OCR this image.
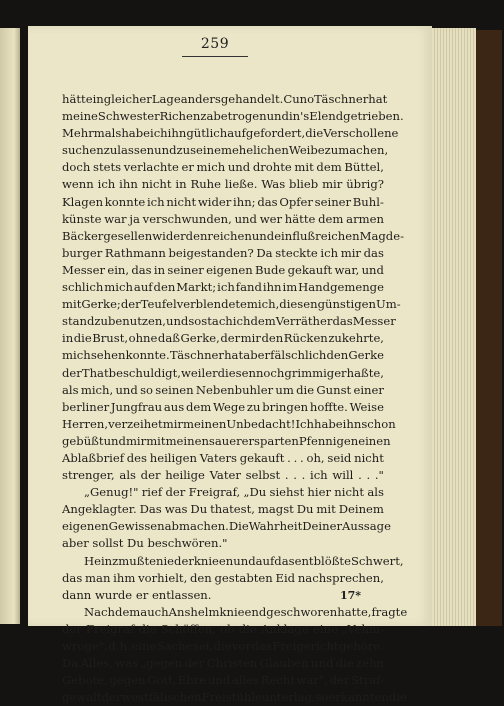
259
hätte in gleicher Lage anders gehandelt. Cuno Täschner hat
meine Schwester Richenza betrogen und in's Elend getrieben.
Mehrmals habe ich ihn gütlich aufgefordert, die Verschollene
suchen zu lassen und zu seinem ehelichen Weibe zu machen,
doch stets verlachte er mich und drohte mit dem Büttel,
wenn ich ihn nicht in Ruhe ließe. Was blieb mir übrig?
Klagen konnte ich nicht wider ihn; das Opfer seiner Buhl-
künste war ja verschwunden, und wer hätte dem armen
Bäckergesellen wider den reichen und einflußreichen Magde-
burger Rathmann beigestanden? Da steckte ich mir das
Messer ein, das in seiner eigenen Bude gekauft war, und
schlich mich auf den Markt; ich fand ihn im Handgemenge
mit Gerke; der Teufel verblendete mich, diesen günstigen Um-
stand zu benutzen, und so stach ich dem Verräther das Messer
in die Brust, ohne daß Gerke, der mir den Rücken zukehrte,
mich sehen konnte. Täschner hat aber fälschlich den Gerke
der That beschuldigt, weil er diesen noch grimmiger haßte,
als mich, und so seinen Nebenbuhler um die Gunst einer
berliner Jungfrau aus dem Wege zu bringen hoffte. Weise
Herren, verzeihet mir meinen Unbedacht! Ich habe ihn schon
gebüßt und mir mit meinen sauer ersparten Pfennigen einen
Ablaßbrief des heiligen Vaters gekauft . . . oh, seid nicht
strenger, als der heilige Vater selbst . . . ich will . . ."
„Genug!" rief der Freigraf, „Du siehst hier nicht als
Angeklagter. Das was Du thatest, magst Du mit Deinem
eigenen Gewissen abmachen. Die Wahrheit Deiner Aussage
aber sollst Du beschwören."
Heinz mußte niederknieen und auf das entblößte Schwert,
das man ihm vorhielt, den gestabten Eid nachsprechen,
dann wurde er entlassen.
Nachdem auch Anshelm knieend geschworen hatte, fragte
der Freigraf die Schöffen, ob die Anklage eine „Vehm-
wroge", d. h. eine Sache sei, die vor das Freigericht gehöre.
Da Alles, was „gegen der Christen Glauben und die zehn
Gebote, gegen Gott, Ehre und alles Recht war", der Straf-
gewalt der westfälischen Freistühle unterlag, so erkannten die
17*
